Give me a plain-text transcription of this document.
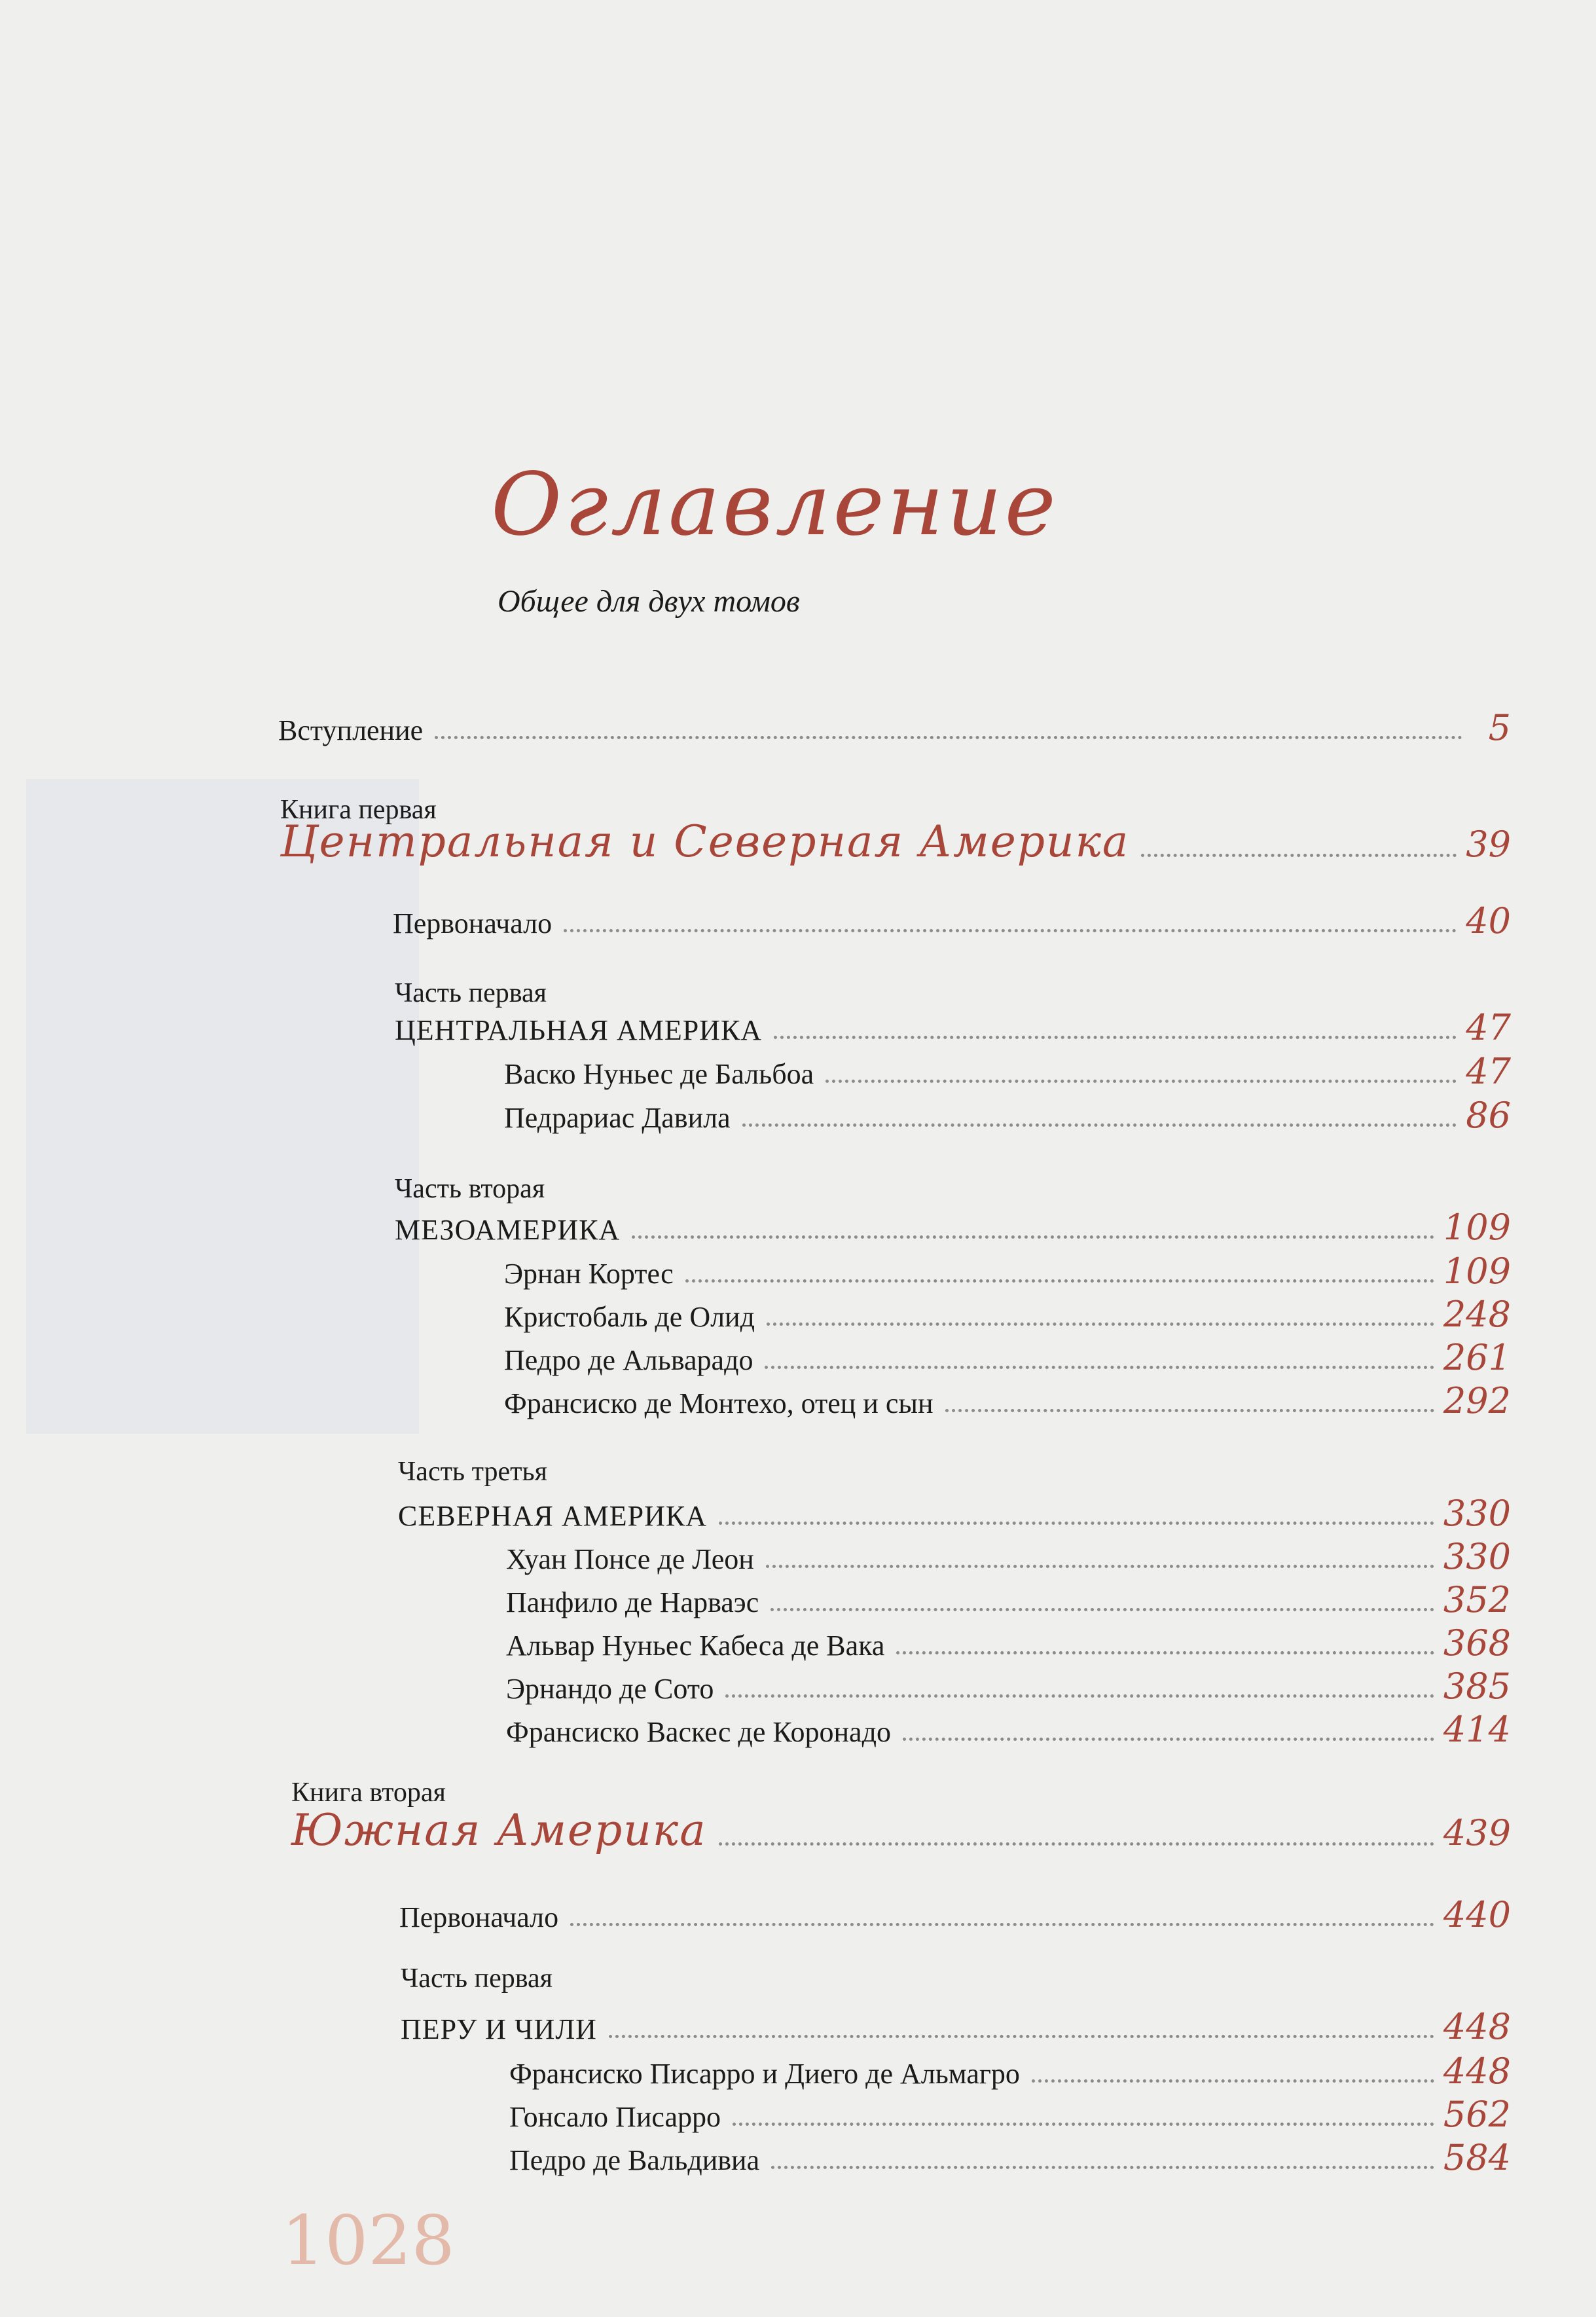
Оглавление
Общее для двух томов
Вступление	5
Книга первая
Центральная и Северная Америка	39
Первоначало	40
Часть первая
ЦЕНТРАЛЬНАЯ АМЕРИКА	47
Васко Нуньес де Бальбоа	47
Педрариас Давила	86
Часть вторая
МЕЗОАМЕРИКА	109
Эрнан Кортес	109
Кристобаль де Олид	248
Педро де Альварадо	261
Франсиско де Монтехо, отец и сын	292
Часть третья
СЕВЕРНАЯ АМЕРИКА	330
Хуан Понсе де Леон	330
Панфило де Нарваэс	352
Альвар Нуньес Кабеса де Вака	368
Эрнандо де Сото	385
Франсиско Васкес де Коронадо	414
Книга вторая
Южная Америка	439
Первоначало	440
Часть первая
ПЕРУ И ЧИЛИ	448
Франсиско Писарро и Диего де Альмагро	448
Гонсало Писарро	562
Педро де Вальдивиа	584
1028
